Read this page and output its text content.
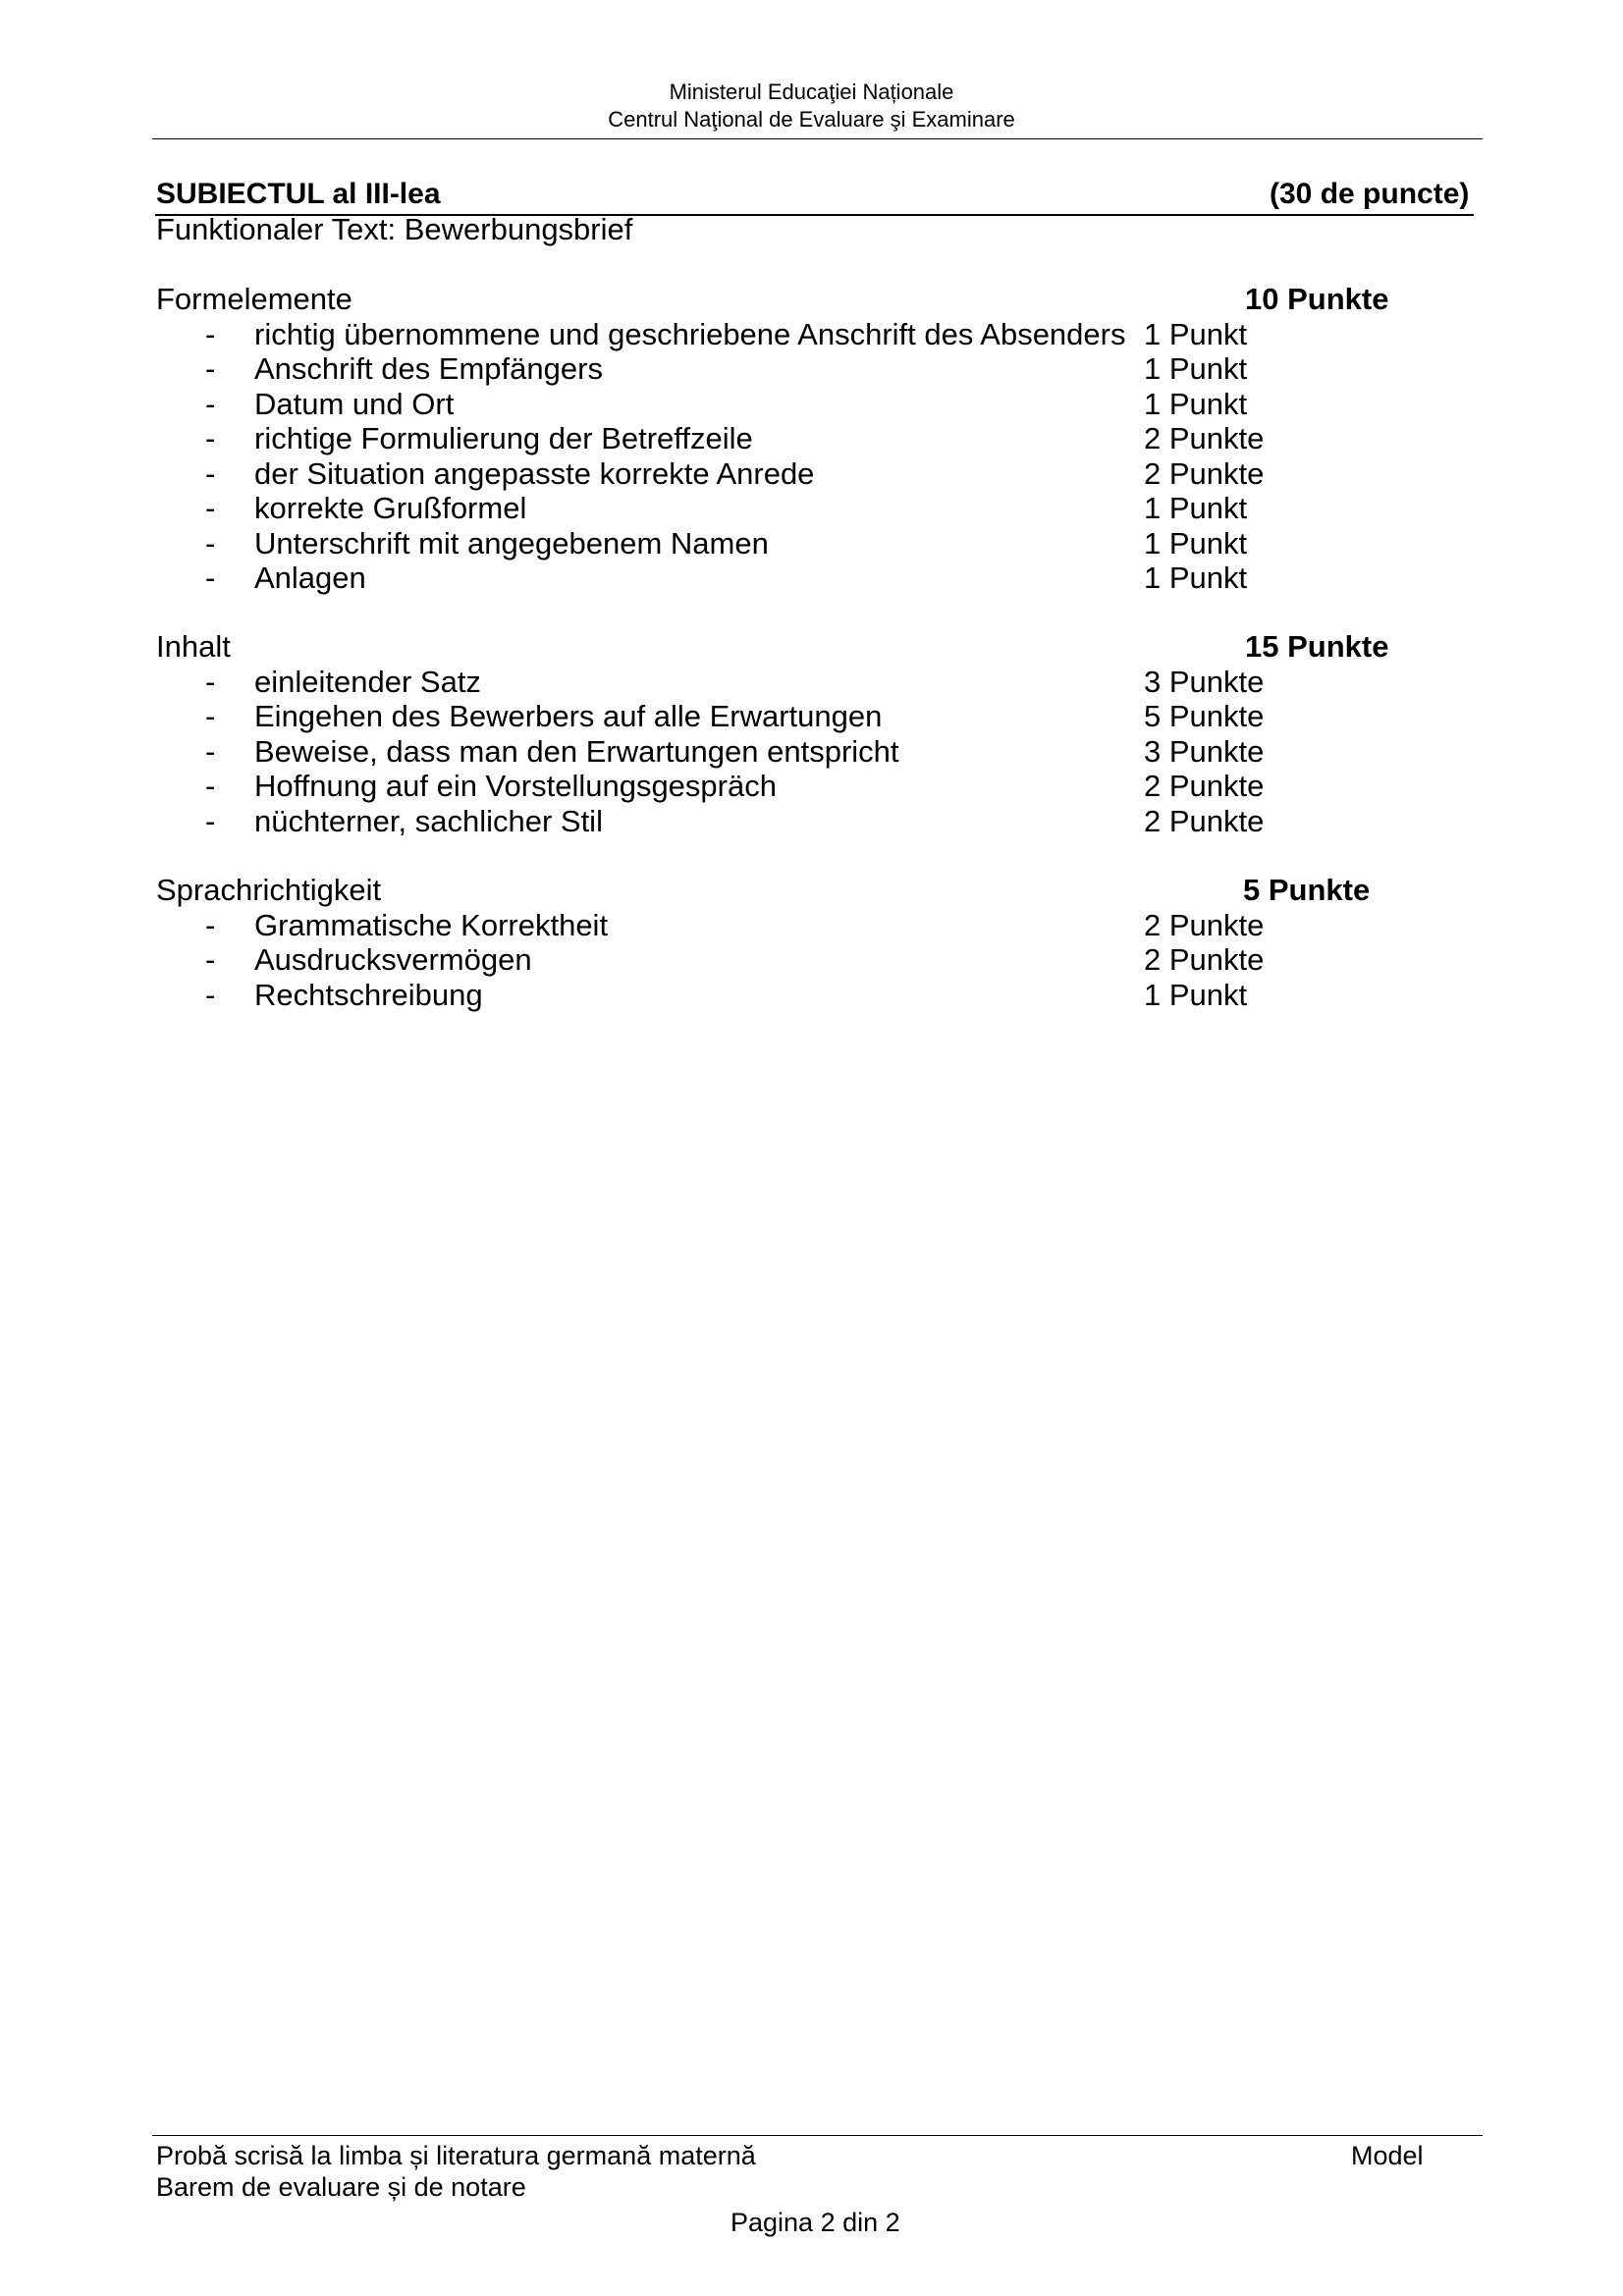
Ministerul Educaţiei Naționale
Centrul Naţional de Evaluare şi Examinare
SUBIECTUL al III-lea	(30 de puncte)
Funktionaler Text: Bewerbungsbrief
Formelemente	10 Punkte
- richtig übernommene und geschriebene Anschrift des Absenders 1 Punkt
- Anschrift des Empfängers	1 Punkt
- Datum und Ort	1 Punkt
- richtige Formulierung der Betreffzeile	2 Punkte
- der Situation angepasste korrekte Anrede	2 Punkte
- korrekte Grußformel	1 Punkt
- Unterschrift mit angegebenem Namen	1 Punkt
- Anlagen	1 Punkt
Inhalt	15 Punkte
- einleitender Satz	3 Punkte
- Eingehen des Bewerbers auf alle Erwartungen	5 Punkte
- Beweise, dass man den Erwartungen entspricht	3 Punkte
- Hoffnung auf ein Vorstellungsgespräch	2 Punkte
- nüchterner, sachlicher Stil	2 Punkte
Sprachrichtigkeit	5 Punkte
- Grammatische Korrektheit	2 Punkte
- Ausdrucksvermögen	2 Punkte
- Rechtschreibung	1 Punkt
Probă scrisă la limba și literatura germană maternă	Model
Barem de evaluare și de notare
Pagina 2 din 2
